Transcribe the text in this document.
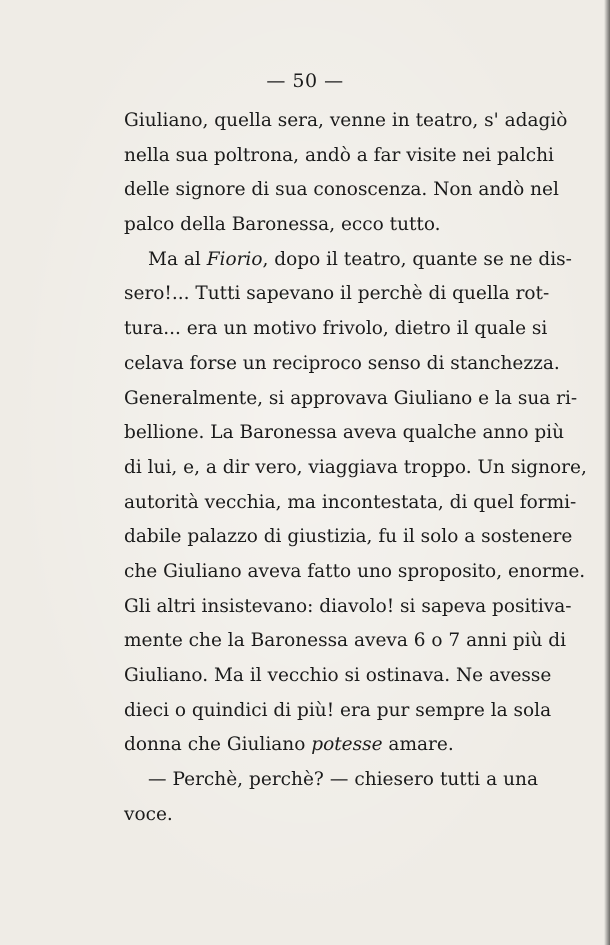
— 50 —
Giuliano, quella sera, venne in teatro, s' adagiò
nella sua poltrona, andò a far visite nei palchi
delle signore di sua conoscenza. Non andò nel
palco della Baronessa, ecco tutto.
Ma al Fiorio, dopo il teatro, quante se ne dis-
sero!... Tutti sapevano il perchè di quella rot-
tura... era un motivo frivolo, dietro il quale si
celava forse un reciproco senso di stanchezza.
Generalmente, si approvava Giuliano e la sua ri-
bellione. La Baronessa aveva qualche anno più
di lui, e, a dir vero, viaggiava troppo. Un signore,
autorità vecchia, ma incontestata, di quel formi-
dabile palazzo di giustizia, fu il solo a sostenere
che Giuliano aveva fatto uno sproposito, enorme.
Gli altri insistevano: diavolo! si sapeva positiva-
mente che la Baronessa aveva 6 o 7 anni più di
Giuliano. Ma il vecchio si ostinava. Ne avesse
dieci o quindici di più! era pur sempre la sola
donna che Giuliano potesse amare.
— Perchè, perchè? — chiesero tutti a una
voce.
